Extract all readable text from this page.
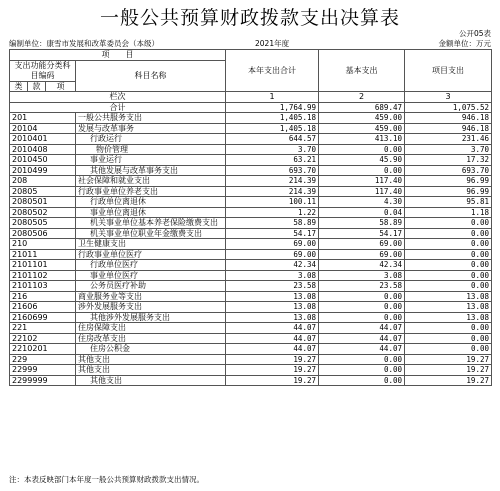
一般公共预算财政拨款支出决算表
公开05表
编制单位：康雪市发展和改革委员会（本级）	2021年度	金额单位：万元
项　　目				本年支出合计	基本支出	项目支出
支出功能分类科目编码			科目名称			

类	款	项				
栏次				1	2	3
合计				1,764.99	689.47	1,075.52
201			一般公共服务支出	1,405.18	459.00	946.18
20104			发展与改革事务	1,405.18	459.00	946.18
2010401			行政运行	644.57	413.10	231.46
2010408			物价管理	3.70	0.00	3.70
2010450			事业运行	63.21	45.90	17.32
2010499			其他发展与改革事务支出	693.70	0.00	693.70
208			社会保障和就业支出	214.39	117.40	96.99
20805			行政事业单位养老支出	214.39	117.40	96.99
2080501			行政单位离退休	100.11	4.30	95.81
2080502			事业单位离退休	1.22	0.04	1.18
2080505			机关事业单位基本养老保险缴费支出	58.89	58.89	0.00
2080506			机关事业单位职业年金缴费支出	54.17	54.17	0.00
210			卫生健康支出	69.00	69.00	0.00
21011			行政事业单位医疗	69.00	69.00	0.00
2101101			行政单位医疗	42.34	42.34	0.00
2101102			事业单位医疗	3.08	3.08	0.00
2101103			公务员医疗补助	23.58	23.58	0.00
216			商业服务业等支出	13.08	0.00	13.08
21606			涉外发展服务支出	13.08	0.00	13.08
2160699			其他涉外发展服务支出	13.08	0.00	13.08
221			住房保障支出	44.07	44.07	0.00
22102			住房改革支出	44.07	44.07	0.00
2210201			住房公积金	44.07	44.07	0.00
229			其他支出	19.27	0.00	19.27
22999			其他支出	19.27	0.00	19.27
2299999			其他支出	19.27	0.00	19.27
注：本表反映部门本年度一般公共预算财政拨款支出情况。
